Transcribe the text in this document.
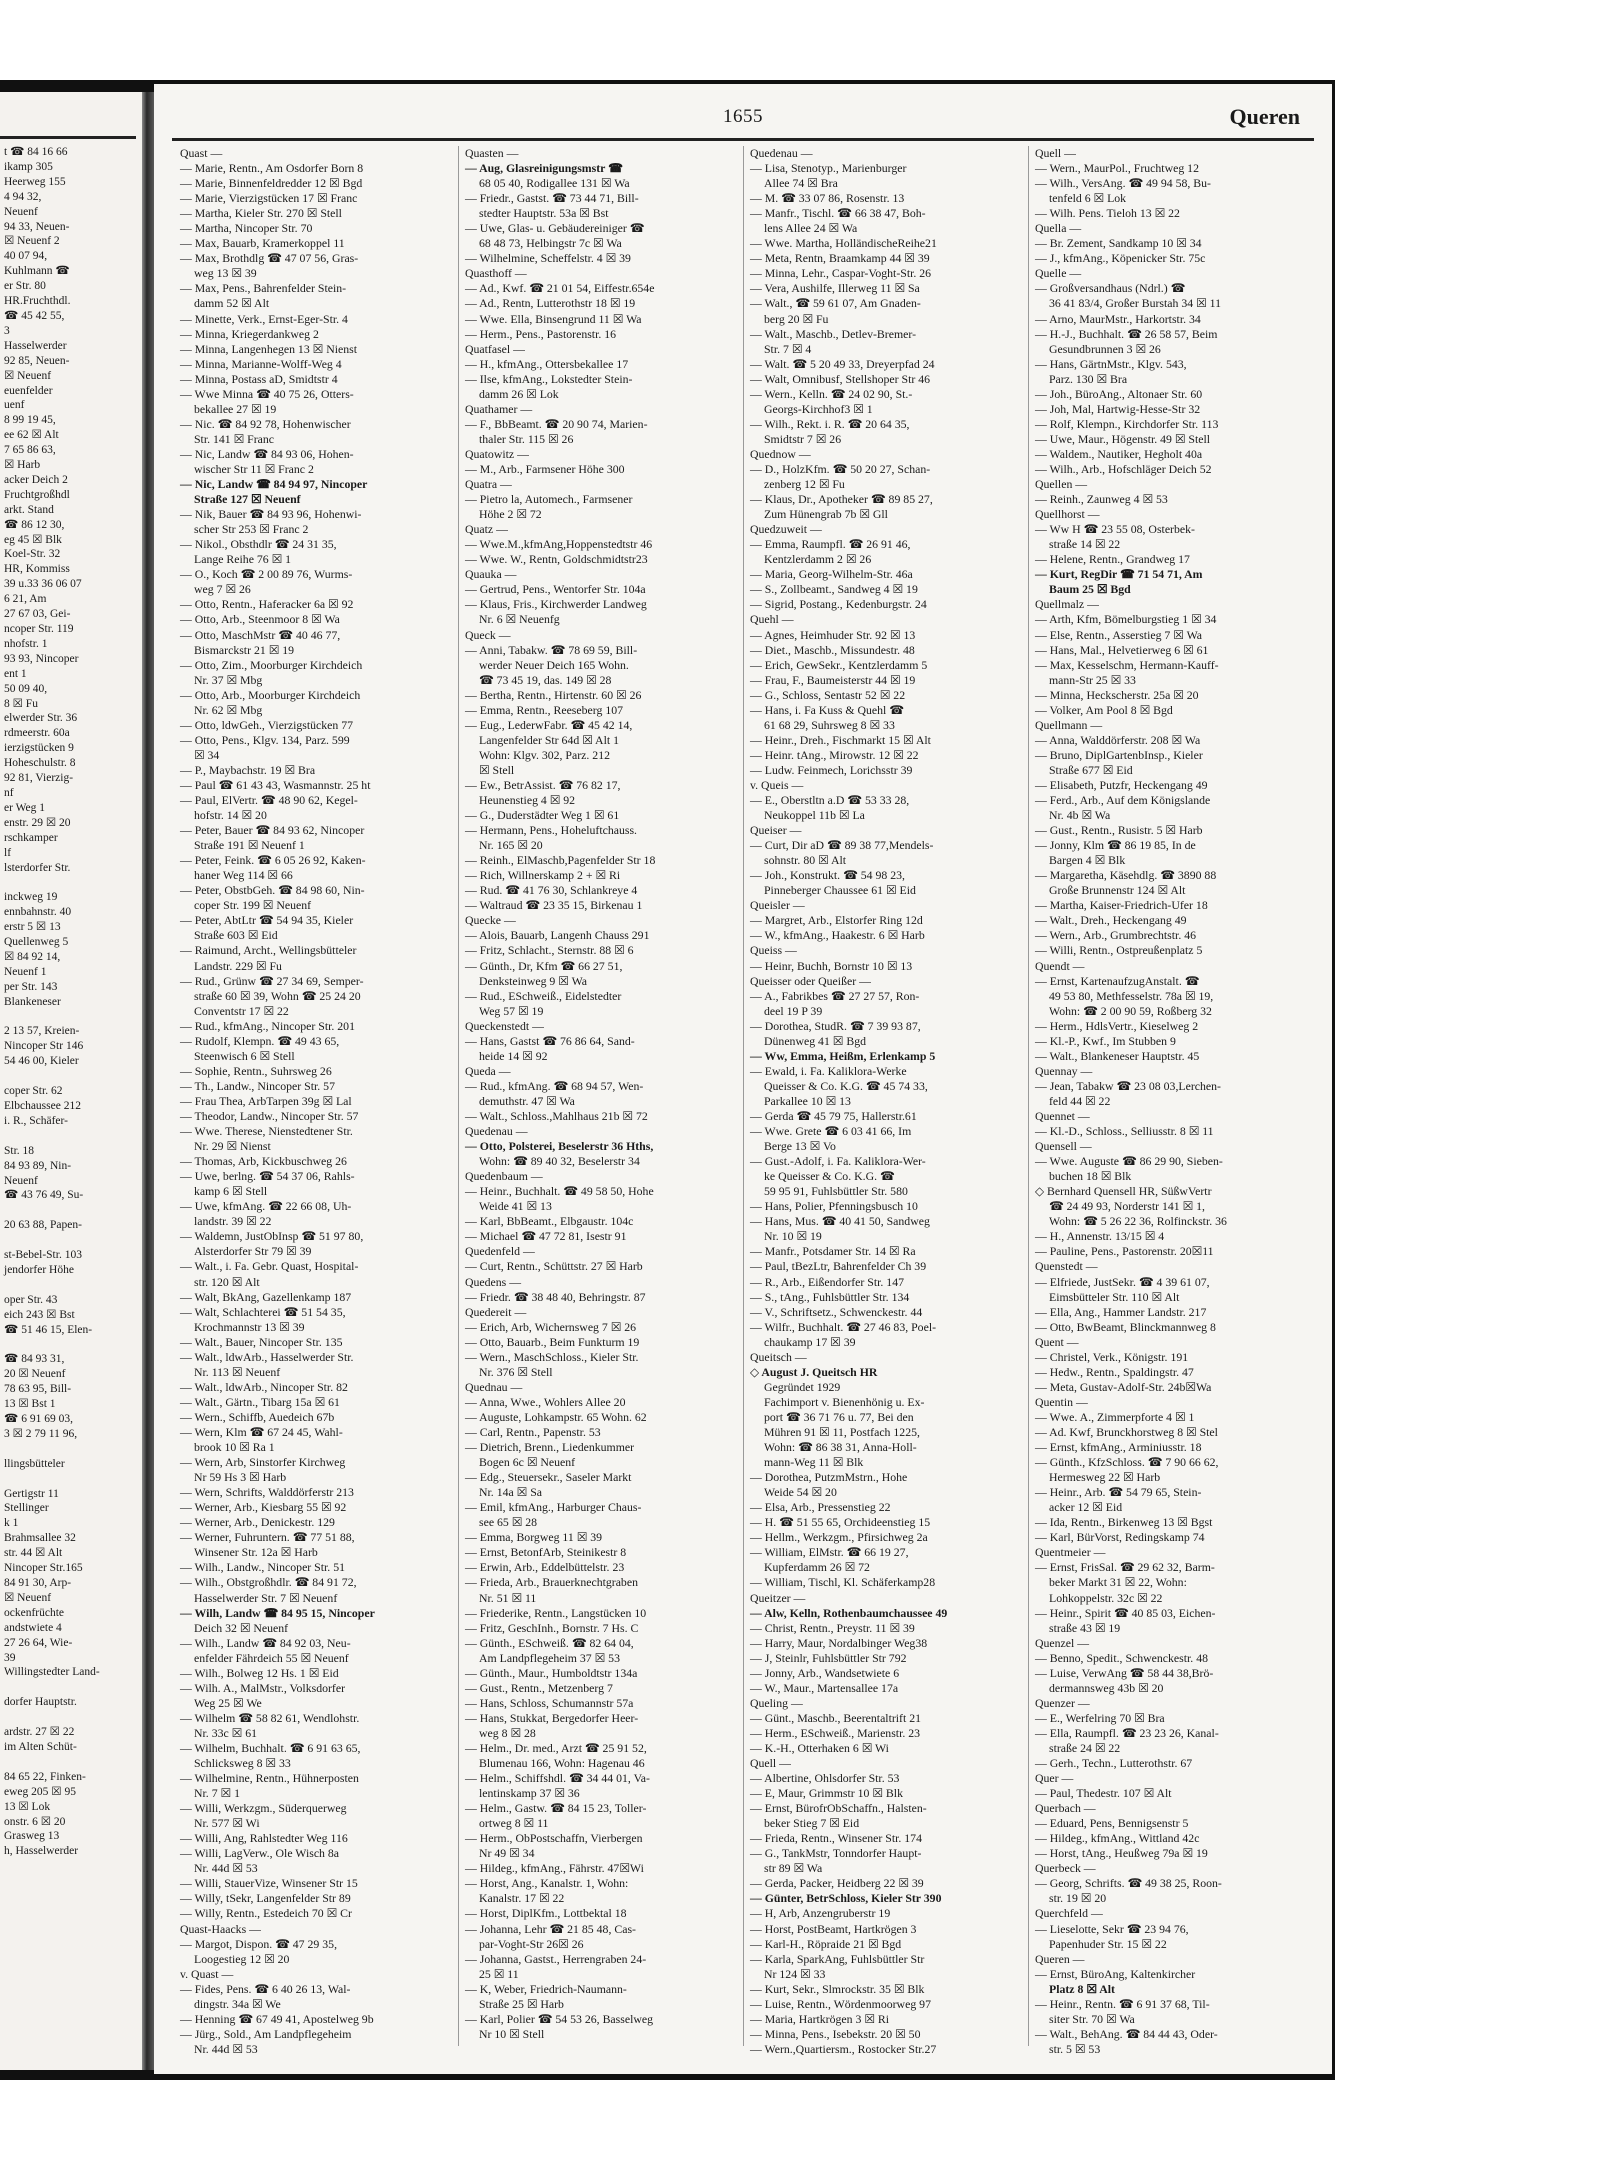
t ☎ 84 16 66
ikamp 305
Heerweg 155
4 94 32,
Neuenf
94 33, Neuen-
☒ Neuenf 2
40 07 94,
Kuhlmann ☎
er Str. 80
HR.Fruchthdl.
☎ 45 42 55,
3
Hasselwerder
92 85, Neuen-
☒ Neuenf
euenfelder
uenf
8 99 19 45,
ee 62 ☒ Alt
7 65 86 63,
☒ Harb
acker Deich 2
Fruchtgroßhdl
arkt. Stand
☎ 86 12 30,
eg 45 ☒ Blk
Koel-Str. 32
HR, Kommiss
39 u.33 36 06 07
6 21, Am
27 67 03, Gei-
ncoper Str. 119
nhofstr. 1
93 93, Nincoper
ent 1
50 09 40,
8 ☒ Fu
elwerder Str. 36
rdmeerstr. 60a
ierzigstücken 9
Hoheschulstr. 8
92 81, Vierzig-
nf
er Weg 1
enstr. 29 ☒ 20
rschkamper
lf
lsterdorfer Str.

inckweg 19
ennbahnstr. 40
erstr 5 ☒ 13
Quellenweg 5
☒ 84 92 14,
Neuenf 1
per Str. 143
Blankeneser

2 13 57, Kreien-
Nincoper Str 146
54 46 00, Kieler

coper Str. 62
Elbchaussee 212
i. R., Schäfer-

Str. 18
84 93 89, Nin-
Neuenf
☎ 43 76 49, Su-

20 63 88, Papen-

st-Bebel-Str. 103
jendorfer Höhe

oper Str. 43
eich 243 ☒ Bst
☎ 51 46 15, Elen-

☎ 84 93 31,
20 ☒ Neuenf
78 63 95, Bill-
13 ☒ Bst 1
☎ 6 91 69 03,
3 ☒ 2 79 11 96,

llingsbütteler

Gertigstr 11
Stellinger
k 1
Brahmsallee 32
str. 44 ☒ Alt
Nincoper Str.165
84 91 30, Arp-
☒ Neuenf
ockenfrüchte
andstwiete 4
27 26 64, Wie-
39
Willingstedter Land-

dorfer Hauptstr.

ardstr. 27 ☒ 22
im Alten Schüt-

84 65 22, Finken-
eweg 205 ☒ 95
13 ☒ Lok
onstr. 6 ☒ 20
Grasweg 13
h, Hasselwerder
1655	Queren
Quast —
— Marie, Rentn., Am Osdorfer Born 8
— Marie, Binnenfeldredder 12 ☒ Bgd
— Marie, Vierzigstücken 17 ☒ Franc
— Martha, Kieler Str. 270 ☒ Stell
— Martha, Nincoper Str. 70
— Max, Bauarb, Kramerkoppel 11
— Max, Brothdlg ☎ 47 07 56, Gras-
weg 13 ☒ 39
— Max, Pens., Bahrenfelder Stein-
damm 52 ☒ Alt
— Minette, Verk., Ernst-Eger-Str. 4
— Minna, Kriegerdankweg 2
— Minna, Langenhegen 13 ☒ Nienst
— Minna, Marianne-Wolff-Weg 4
— Minna, Postass aD, Smidtstr 4
— Wwe Minna ☎ 40 75 26, Otters-
bekallee 27 ☒ 19
— Nic. ☎ 84 92 78, Hohenwischer
Str. 141 ☒ Franc
— Nic, Landw ☎ 84 93 06, Hohen-
wischer Str 11 ☒ Franc 2
— Nic, Landw ☎ 84 94 97, Nincoper
Straße 127 ☒ Neuenf
— Nik, Bauer ☎ 84 93 96, Hohenwi-
scher Str 253 ☒ Franc 2
— Nikol., Obsthdlr ☎ 24 31 35,
Lange Reihe 76 ☒ 1
— O., Koch ☎ 2 00 89 76, Wurms-
weg 7 ☒ 26
— Otto, Rentn., Haferacker 6a ☒ 92
— Otto, Arb., Steenmoor 8 ☒ Wa
— Otto, MaschMstr ☎ 40 46 77,
Bismarckstr 21 ☒ 19
— Otto, Zim., Moorburger Kirchdeich
Nr. 37 ☒ Mbg
— Otto, Arb., Moorburger Kirchdeich
Nr. 62 ☒ Mbg
— Otto, ldwGeh., Vierzigstücken 77
— Otto, Pens., Klgv. 134, Parz. 599
☒ 34
— P., Maybachstr. 19 ☒ Bra
— Paul ☎ 61 43 43, Wasmannstr. 25 ht
— Paul, ElVertr. ☎ 48 90 62, Kegel-
hofstr. 14 ☒ 20
— Peter, Bauer ☎ 84 93 62, Nincoper
Straße 191 ☒ Neuenf 1
— Peter, Feink. ☎ 6 05 26 92, Kaken-
haner Weg 114 ☒ 66
— Peter, ObstbGeh. ☎ 84 98 60, Nin-
coper Str. 199 ☒ Neuenf
— Peter, AbtLtr ☎ 54 94 35, Kieler
Straße 603 ☒ Eid
— Raimund, Archt., Wellingsbütteler
Landstr. 229 ☒ Fu
— Rud., Grünw ☎ 27 34 69, Semper-
straße 60 ☒ 39, Wohn ☎ 25 24 20
Conventstr 17 ☒ 22
— Rud., kfmAng., Nincoper Str. 201
— Rudolf, Klempn. ☎ 49 43 65,
Steenwisch 6 ☒ Stell
— Sophie, Rentn., Suhrsweg 26
— Th., Landw., Nincoper Str. 57
— Frau Thea, ArbTarpen 39g ☒ Lal
— Theodor, Landw., Nincoper Str. 57
— Wwe. Therese, Nienstedtener Str.
Nr. 29 ☒ Nienst
— Thomas, Arb, Kickbuschweg 26
— Uwe, berlng. ☎ 54 37 06, Rahls-
kamp 6 ☒ Stell
— Uwe, kfmAng. ☎ 22 66 08, Uh-
landstr. 39 ☒ 22
— Waldemn, JustObInsp ☎ 51 97 80,
Alsterdorfer Str 79 ☒ 39
— Walt., i. Fa. Gebr. Quast, Hospital-
str. 120 ☒ Alt
— Walt, BkAng, Gazellenkamp 187
— Walt, Schlachterei ☎ 51 54 35,
Krochmannstr 13 ☒ 39
— Walt., Bauer, Nincoper Str. 135
— Walt., ldwArb., Hasselwerder Str.
Nr. 113 ☒ Neuenf
— Walt., ldwArb., Nincoper Str. 82
— Walt., Gärtn., Tibarg 15a ☒ 61
— Wern., Schiffb, Auedeich 67b
— Wern, Klm ☎ 67 24 45, Wahl-
brook 10 ☒ Ra 1
— Wern, Arb, Sinstorfer Kirchweg
Nr 59 Hs 3 ☒ Harb
— Wern, Schrifts, Walddörferstr 213
— Werner, Arb., Kiesbarg 55 ☒ 92
— Werner, Arb., Denickestr. 129
— Werner, Fuhruntern. ☎ 77 51 88,
Winsener Str. 12a ☒ Harb
— Wilh., Landw., Nincoper Str. 51
— Wilh., Obstgroßhdlr. ☎ 84 91 72,
Hasselwerder Str. 7 ☒ Neuenf
— Wilh, Landw ☎ 84 95 15, Nincoper
Deich 32 ☒ Neuenf
— Wilh., Landw ☎ 84 92 03, Neu-
enfelder Fährdeich 55 ☒ Neuenf
— Wilh., Bolweg 12 Hs. 1 ☒ Eid
— Wilh. A., MalMstr., Volksdorfer
Weg 25 ☒ We
— Wilhelm ☎ 58 82 61, Wendlohstr.
Nr. 33c ☒ 61
— Wilhelm, Buchhalt. ☎ 6 91 63 65,
Schlicksweg 8 ☒ 33
— Wilhelmine, Rentn., Hühnerposten
Nr. 7 ☒ 1
— Willi, Werkzgm., Süderquerweg
Nr. 577 ☒ Wi
— Willi, Ang, Rahlstedter Weg 116
— Willi, LagVerw., Ole Wisch 8a
Nr. 44d ☒ 53
— Willi, StauerVize, Winsener Str 15
— Willy, tSekr, Langenfelder Str 89
— Willy, Rentn., Estedeich 70 ☒ Cr
Quast-Haacks —
— Margot, Dispon. ☎ 47 29 35,
Loogestieg 12 ☒ 20
v. Quast —
— Fides, Pens. ☎ 6 40 26 13, Wal-
dingstr. 34a ☒ We
— Henning ☎ 67 49 41, Apostelweg 9b
— Jürg., Sold., Am Landpflegeheim
Nr. 44d ☒ 53
Quasten —
— Aug, Glasreinigungsmstr ☎
68 05 40, Rodigallee 131 ☒ Wa
— Friedr., Gastst. ☎ 73 44 71, Bill-
stedter Hauptstr. 53a ☒ Bst
— Uwe, Glas- u. Gebäudereiniger ☎
68 48 73, Helbingstr 7c ☒ Wa
— Wilhelmine, Scheffelstr. 4 ☒ 39
Quasthoff —
— Ad., Kwf. ☎ 21 01 54, Eiffestr.654e
— Ad., Rentn, Lutterothstr 18 ☒ 19
— Wwe. Ella, Binsengrund 11 ☒ Wa
— Herm., Pens., Pastorenstr. 16
Quatfasel —
— H., kfmAng., Ottersbekallee 17
— Ilse, kfmAng., Lokstedter Stein-
damm 26 ☒ Lok
Quathamer —
— F., BbBeamt. ☎ 20 90 74, Marien-
thaler Str. 115 ☒ 26
Quatowitz —
— M., Arb., Farmsener Höhe 300
Quatra —
— Pietro la, Automech., Farmsener
Höhe 2 ☒ 72
Quatz —
— Wwe.M.,kfmAng,Hoppenstedtstr 46
— Wwe. W., Rentn, Goldschmidtstr23
Quauka —
— Gertrud, Pens., Wentorfer Str. 104a
— Klaus, Fris., Kirchwerder Landweg
Nr. 6 ☒ Neuenfg
Queck —
— Anni, Tabakw. ☎ 78 69 59, Bill-
werder Neuer Deich 165 Wohn.
☎ 73 45 19, das. 149 ☒ 28
— Bertha, Rentn., Hirtenstr. 60 ☒ 26
— Emma, Rentn., Reeseberg 107
— Eug., LederwFabr. ☎ 45 42 14,
Langenfelder Str 64d ☒ Alt 1
Wohn: Klgv. 302, Parz. 212
☒ Stell
— Ew., BetrAssist. ☎ 76 82 17,
Heunenstieg 4 ☒ 92
— G., Duderstädter Weg 1 ☒ 61
— Hermann, Pens., Hoheluftchauss.
Nr. 165 ☒ 20
— Reinh., ElMaschb,Pagenfelder Str 18
— Rich, Willnerskamp 2 + ☒ Ri
— Rud. ☎ 41 76 30, Schlankreye 4
— Waltraud ☎ 23 35 15, Birkenau 1
Quecke —
— Alois, Bauarb, Langenh Chauss 291
— Fritz, Schlacht., Sternstr. 88 ☒ 6
— Günth., Dr, Kfm ☎ 66 27 51,
Denksteinweg 9 ☒ Wa
— Rud., ESchweiß., Eidelstedter
Weg 57 ☒ 19
Queckenstedt —
— Hans, Gastst ☎ 76 86 64, Sand-
heide 14 ☒ 92
Queda —
— Rud., kfmAng. ☎ 68 94 57, Wen-
demuthstr. 47 ☒ Wa
— Walt., Schloss.,Mahlhaus 21b ☒ 72
Quedenau —
— Otto, Polsterei, Beselerstr 36 Hths,
Wohn: ☎ 89 40 32, Beselerstr 34
Quedenbaum —
— Heinr., Buchhalt. ☎ 49 58 50, Hohe
Weide 41 ☒ 13
— Karl, BbBeamt., Elbgaustr. 104c
— Michael ☎ 47 72 81, Isestr 91
Quedenfeld —
— Curt, Rentn., Schüttstr. 27 ☒ Harb
Quedens —
— Friedr. ☎ 38 48 40, Behringstr. 87
Quedereit —
— Erich, Arb, Wichernsweg 7 ☒ 26
— Otto, Bauarb., Beim Funkturm 19
— Wern., MaschSchloss., Kieler Str.
Nr. 376 ☒ Stell
Quednau —
— Anna, Wwe., Wohlers Allee 20
— Auguste, Lohkampstr. 65 Wohn. 62
— Carl, Rentn., Papenstr. 53
— Dietrich, Brenn., Liedenkummer
Bogen 6c ☒ Neuenf
— Edg., Steuersekr., Saseler Markt
Nr. 14a ☒ Sa
— Emil, kfmAng., Harburger Chaus-
see 65 ☒ 28
— Emma, Borgweg 11 ☒ 39
— Ernst, BetonfArb, Steinikestr 8
— Erwin, Arb., Eddelbüttelstr. 23
— Frieda, Arb., Brauerknechtgraben
Nr. 51 ☒ 11
— Friederike, Rentn., Langstücken 10
— Fritz, GeschInh., Bornstr. 7 Hs. C
— Günth., ESchweiß. ☎ 82 64 04,
Am Landpflegeheim 37 ☒ 53
— Günth., Maur., Humboldtstr 134a
— Gust., Rentn., Metzenberg 7
— Hans, Schloss, Schumannstr 57a
— Hans, Stukkat, Bergedorfer Heer-
weg 8 ☒ 28
— Helm., Dr. med., Arzt ☎ 25 91 52,
Blumenau 166, Wohn: Hagenau 46
— Helm., Schiffshdl. ☎ 34 44 01, Va-
lentinskamp 37 ☒ 36
— Helm., Gastw. ☎ 84 15 23, Toller-
ortweg 8 ☒ 11
— Herm., ObPostschaffn, Vierbergen
Nr 49 ☒ 34
— Hildeg., kfmAng., Fährstr. 47☒Wi
— Horst, Ang., Kanalstr. 1, Wohn:
Kanalstr. 17 ☒ 22
— Horst, DiplKfm., Lottbektal 18
— Johanna, Lehr ☎ 21 85 48, Cas-
par-Voght-Str 26☒ 26
— Johanna, Gastst., Herrengraben 24-
25 ☒ 11
— K, Weber, Friedrich-Naumann-
Straße 25 ☒ Harb
— Karl, Polier ☎ 54 53 26, Basselweg
Nr 10 ☒ Stell
Quedenau —
— Lisa, Stenotyp., Marienburger
Allee 74 ☒ Bra
— M. ☎ 33 07 86, Rosenstr. 13
— Manfr., Tischl. ☎ 66 38 47, Boh-
lens Allee 24 ☒ Wa
— Wwe. Martha, HolländischeReihe21
— Meta, Rentn, Braamkamp 44 ☒ 39
— Minna, Lehr., Caspar-Voght-Str. 26
— Vera, Aushilfe, Illerweg 11 ☒ Sa
— Walt., ☎ 59 61 07, Am Gnaden-
berg 20 ☒ Fu
— Walt., Maschb., Detlev-Bremer-
Str. 7 ☒ 4
— Walt. ☎ 5 20 49 33, Dreyerpfad 24
— Walt, Omnibusf, Stellshoper Str 46
— Wern., Kelln. ☎ 24 02 90, St.-
Georgs-Kirchhof3 ☒ 1
— Wilh., Rekt. i. R. ☎ 20 64 35,
Smidtstr 7 ☒ 26
Quednow —
— D., HolzKfm. ☎ 50 20 27, Schan-
zenberg 12 ☒ Fu
— Klaus, Dr., Apotheker ☎ 89 85 27,
Zum Hünengrab 7b ☒ Gll
Quedzuweit —
— Emma, Raumpfl. ☎ 26 91 46,
Kentzlerdamm 2 ☒ 26
— Maria, Georg-Wilhelm-Str. 46a
— S., Zollbeamt., Sandweg 4 ☒ 19
— Sigrid, Postang., Kedenburgstr. 24
Quehl —
— Agnes, Heimhuder Str. 92 ☒ 13
— Diet., Maschb., Missundestr. 48
— Erich, GewSekr., Kentzlerdamm 5
— Frau, F., Baumeisterstr 44 ☒ 19
— G., Schloss, Sentastr 52 ☒ 22
— Hans, i. Fa Kuss & Quehl ☎
61 68 29, Suhrsweg 8 ☒ 33
— Heinr., Dreh., Fischmarkt 15 ☒ Alt
— Heinr. tAng., Mirowstr. 12 ☒ 22
— Ludw. Feinmech, Lorichsstr 39
v. Queis —
— E., Oberstltn a.D ☎ 53 33 28,
Neukoppel 11b ☒ La
Queiser —
— Curt, Dir aD ☎ 89 38 77,Mendels-
sohnstr. 80 ☒ Alt
— Joh., Konstrukt. ☎ 54 98 23,
Pinneberger Chaussee 61 ☒ Eid
Queisler —
— Margret, Arb., Elstorfer Ring 12d
— W., kfmAng., Haakestr. 6 ☒ Harb
Queiss —
— Heinr, Buchh, Bornstr 10 ☒ 13
Queisser oder Queißer —
— A., Fabrikbes ☎ 27 27 57, Ron-
deel 19 P 39
— Dorothea, StudR. ☎ 7 39 93 87,
Dünenweg 41 ☒ Bgd
— Ww, Emma, Heißm, Erlenkamp 5
— Ewald, i. Fa. Kaliklora-Werke
Queisser & Co. K.G. ☎ 45 74 33,
Parkallee 10 ☒ 13
— Gerda ☎ 45 79 75, Hallerstr.61
— Wwe. Grete ☎ 6 03 41 66, Im
Berge 13 ☒ Vo
— Gust.-Adolf, i. Fa. Kaliklora-Wer-
ke Queisser & Co. K.G. ☎
59 95 91, Fuhlsbüttler Str. 580
— Hans, Polier, Pfenningsbusch 10
— Hans, Mus. ☎ 40 41 50, Sandweg
Nr. 10 ☒ 19
— Manfr., Potsdamer Str. 14 ☒ Ra
— Paul, tBezLtr, Bahrenfelder Ch 39
— R., Arb., Eißendorfer Str. 147
— S., tAng., Fuhlsbüttler Str. 134
— V., Schriftsetz., Schwenckestr. 44
— Wilfr., Buchhalt. ☎ 27 46 83, Poel-
chaukamp 17 ☒ 39
Queitsch —
◇ August J. Queitsch HR
Gegründet 1929
Fachimport v. Bienenhönig u. Ex-
port ☎ 36 71 76 u. 77, Bei den
Mühren 91 ☒ 11, Postfach 1225,
Wohn: ☎ 86 38 31, Anna-Holl-
mann-Weg 11 ☒ Blk
— Dorothea, PutzmMstrn., Hohe
Weide 54 ☒ 20
— Elsa, Arb., Pressenstieg 22
— H. ☎ 51 55 65, Orchideenstieg 15
— Hellm., Werkzgm., Pfirsichweg 2a
— William, ElMstr. ☎ 66 19 27,
Kupferdamm 26 ☒ 72
— William, Tischl, Kl. Schäferkamp28
Queitzer —
— Alw, Kelln, Rothenbaumchaussee 49
— Christ, Rentn., Preystr. 11 ☒ 39
— Harry, Maur, Nordalbinger Weg38
— J, Steinlr, Fuhlsbüttler Str 792
— Jonny, Arb., Wandsetwiete 6
— W., Maur., Martensallee 17a
Queling —
— Günt., Maschb., Beerentaltrift 21
— Herm., ESchweiß., Marienstr. 23
— K.-H., Otterhaken 6 ☒ Wi
Quell —
— Albertine, Ohlsdorfer Str. 53
— E, Maur, Grimmstr 10 ☒ Blk
— Ernst, BürofrObSchaffn., Halsten-
beker Stieg 7 ☒ Eid
— Frieda, Rentn., Winsener Str. 174
— G., TankMstr, Tonndorfer Haupt-
str 89 ☒ Wa
— Gerda, Packer, Heidberg 22 ☒ 39
— Günter, BetrSchloss, Kieler Str 390
— H, Arb, Anzengruberstr 19
— Horst, PostBeamt, Hartkrögen 3
— Karl-H., Röpraide 21 ☒ Bgd
— Karla, SparkAng, Fuhlsbüttler Str
Nr 124 ☒ 33
— Kurt, Sekr., Slmrockstr. 35 ☒ Blk
— Luise, Rentn., Wördenmoorweg 97
— Maria, Hartkrögen 3 ☒ Ri
— Minna, Pens., Isebekstr. 20 ☒ 50
— Wern.,Quartiersm., Rostocker Str.27
Quell —
— Wern., MaurPol., Fruchtweg 12
— Wilh., VersAng. ☎ 49 94 58, Bu-
tenfeld 6 ☒ Lok
— Wilh. Pens. Tieloh 13 ☒ 22
Quella —
— Br. Zement, Sandkamp 10 ☒ 34
— J., kfmAng., Köpenicker Str. 75c
Quelle —
— Großversandhaus (Ndrl.) ☎
36 41 83/4, Großer Burstah 34 ☒ 11
— Arno, MaurMstr., Harkortstr. 34
— H.-J., Buchhalt. ☎ 26 58 57, Beim
Gesundbrunnen 3 ☒ 26
— Hans, GärtnMstr., Klgv. 543,
Parz. 130 ☒ Bra
— Joh., BüroAng., Altonaer Str. 60
— Joh, Mal, Hartwig-Hesse-Str 32
— Rolf, Klempn., Kirchdorfer Str. 113
— Uwe, Maur., Högenstr. 49 ☒ Stell
— Waldem., Nautiker, Hegholt 40a
— Wilh., Arb., Hofschläger Deich 52
Quellen —
— Reinh., Zaunweg 4 ☒ 53
Quellhorst —
— Ww H ☎ 23 55 08, Osterbek-
straße 14 ☒ 22
— Helene, Rentn., Grandweg 17
— Kurt, RegDir ☎ 71 54 71, Am
Baum 25 ☒ Bgd
Quellmalz —
— Arth, Kfm, Bömelburgstieg 1 ☒ 34
— Else, Rentn., Asserstieg 7 ☒ Wa
— Hans, Mal., Helvetierweg 6 ☒ 61
— Max, Kesselschm, Hermann-Kauff-
mann-Str 25 ☒ 33
— Minna, Heckscherstr. 25a ☒ 20
— Volker, Am Pool 8 ☒ Bgd
Quellmann —
— Anna, Walddörferstr. 208 ☒ Wa
— Bruno, DiplGartenbInsp., Kieler
Straße 677 ☒ Eid
— Elisabeth, Putzfr, Heckengang 49
— Ferd., Arb., Auf dem Königslande
Nr. 4b ☒ Wa
— Gust., Rentn., Rusistr. 5 ☒ Harb
— Jonny, Klm ☎ 86 19 85, In de
Bargen 4 ☒ Blk
— Margaretha, Käsehdlg. ☎ 3890 88
Große Brunnenstr 124 ☒ Alt
— Martha, Kaiser-Friedrich-Ufer 18
— Walt., Dreh., Heckengang 49
— Wern., Arb., Grumbrechtstr. 46
— Willi, Rentn., Ostpreußenplatz 5
Quendt —
— Ernst, KartenaufzugAnstalt. ☎
49 53 80, Methfesselstr. 78a ☒ 19,
Wohn: ☎ 2 00 90 59, Roßberg 32
— Herm., HdlsVertr., Kieselweg 2
— Kl.-P., Kwf., Im Stubben 9
— Walt., Blankeneser Hauptstr. 45
Quennay —
— Jean, Tabakw ☎ 23 08 03,Lerchen-
feld 44 ☒ 22
Quennet —
— Kl.-D., Schloss., Selliusstr. 8 ☒ 11
Quensell —
— Wwe. Auguste ☎ 86 29 90, Sieben-
buchen 18 ☒ Blk
◇ Bernhard Quensell HR, SüßwVertr
☎ 24 49 93, Norderstr 141 ☒ 1,
Wohn: ☎ 5 26 22 36, Rolfinckstr. 36
— H., Annenstr. 13/15 ☒ 4
— Pauline, Pens., Pastorenstr. 20☒11
Quenstedt —
— Elfriede, JustSekr. ☎ 4 39 61 07,
Eimsbütteler Str. 110 ☒ Alt
— Ella, Ang., Hammer Landstr. 217
— Otto, BwBeamt, Blinckmannweg 8
Quent —
— Christel, Verk., Königstr. 191
— Hedw., Rentn., Spaldingstr. 47
— Meta, Gustav-Adolf-Str. 24b☒Wa
Quentin —
— Wwe. A., Zimmerpforte 4 ☒ 1
— Ad. Kwf, Brunckhorstweg 8 ☒ Stel
— Ernst, kfmAng., Arminiusstr. 18
— Günth., KfzSchloss. ☎ 7 90 66 62,
Hermesweg 22 ☒ Harb
— Heinr., Arb. ☎ 54 79 65, Stein-
acker 12 ☒ Eid
— Ida, Rentn., Birkenweg 13 ☒ Bgst
— Karl, BürVorst, Redingskamp 74
Quentmeier —
— Ernst, FrisSal. ☎ 29 62 32, Barm-
beker Markt 31 ☒ 22, Wohn:
Lohkoppelstr. 32c ☒ 22
— Heinr., Spirit ☎ 40 85 03, Eichen-
straße 43 ☒ 19
Quenzel —
— Benno, Spedit., Schwenckestr. 48
— Luise, VerwAng ☎ 58 44 38,Brö-
dermannsweg 43b ☒ 20
Quenzer —
— E., Werfelring 70 ☒ Bra
— Ella, Raumpfl. ☎ 23 23 26, Kanal-
straße 24 ☒ 22
— Gerh., Techn., Lutterothstr. 67
Quer —
— Paul, Thedestr. 107 ☒ Alt
Querbach —
— Eduard, Pens, Bennigsenstr 5
— Hildeg., kfmAng., Wittland 42c
— Horst, tAng., Heußweg 79a ☒ 19
Querbeck —
— Georg, Schrifts. ☎ 49 38 25, Roon-
str. 19 ☒ 20
Querchfeld —
— Lieselotte, Sekr ☎ 23 94 76,
Papenhuder Str. 15 ☒ 22
Queren —
— Ernst, BüroAng, Kaltenkircher
Platz 8 ☒ Alt
— Heinr., Rentn. ☎ 6 91 37 68, Til-
siter Str. 70 ☒ Wa
— Walt., BehAng. ☎ 84 44 43, Oder-
str. 5 ☒ 53
